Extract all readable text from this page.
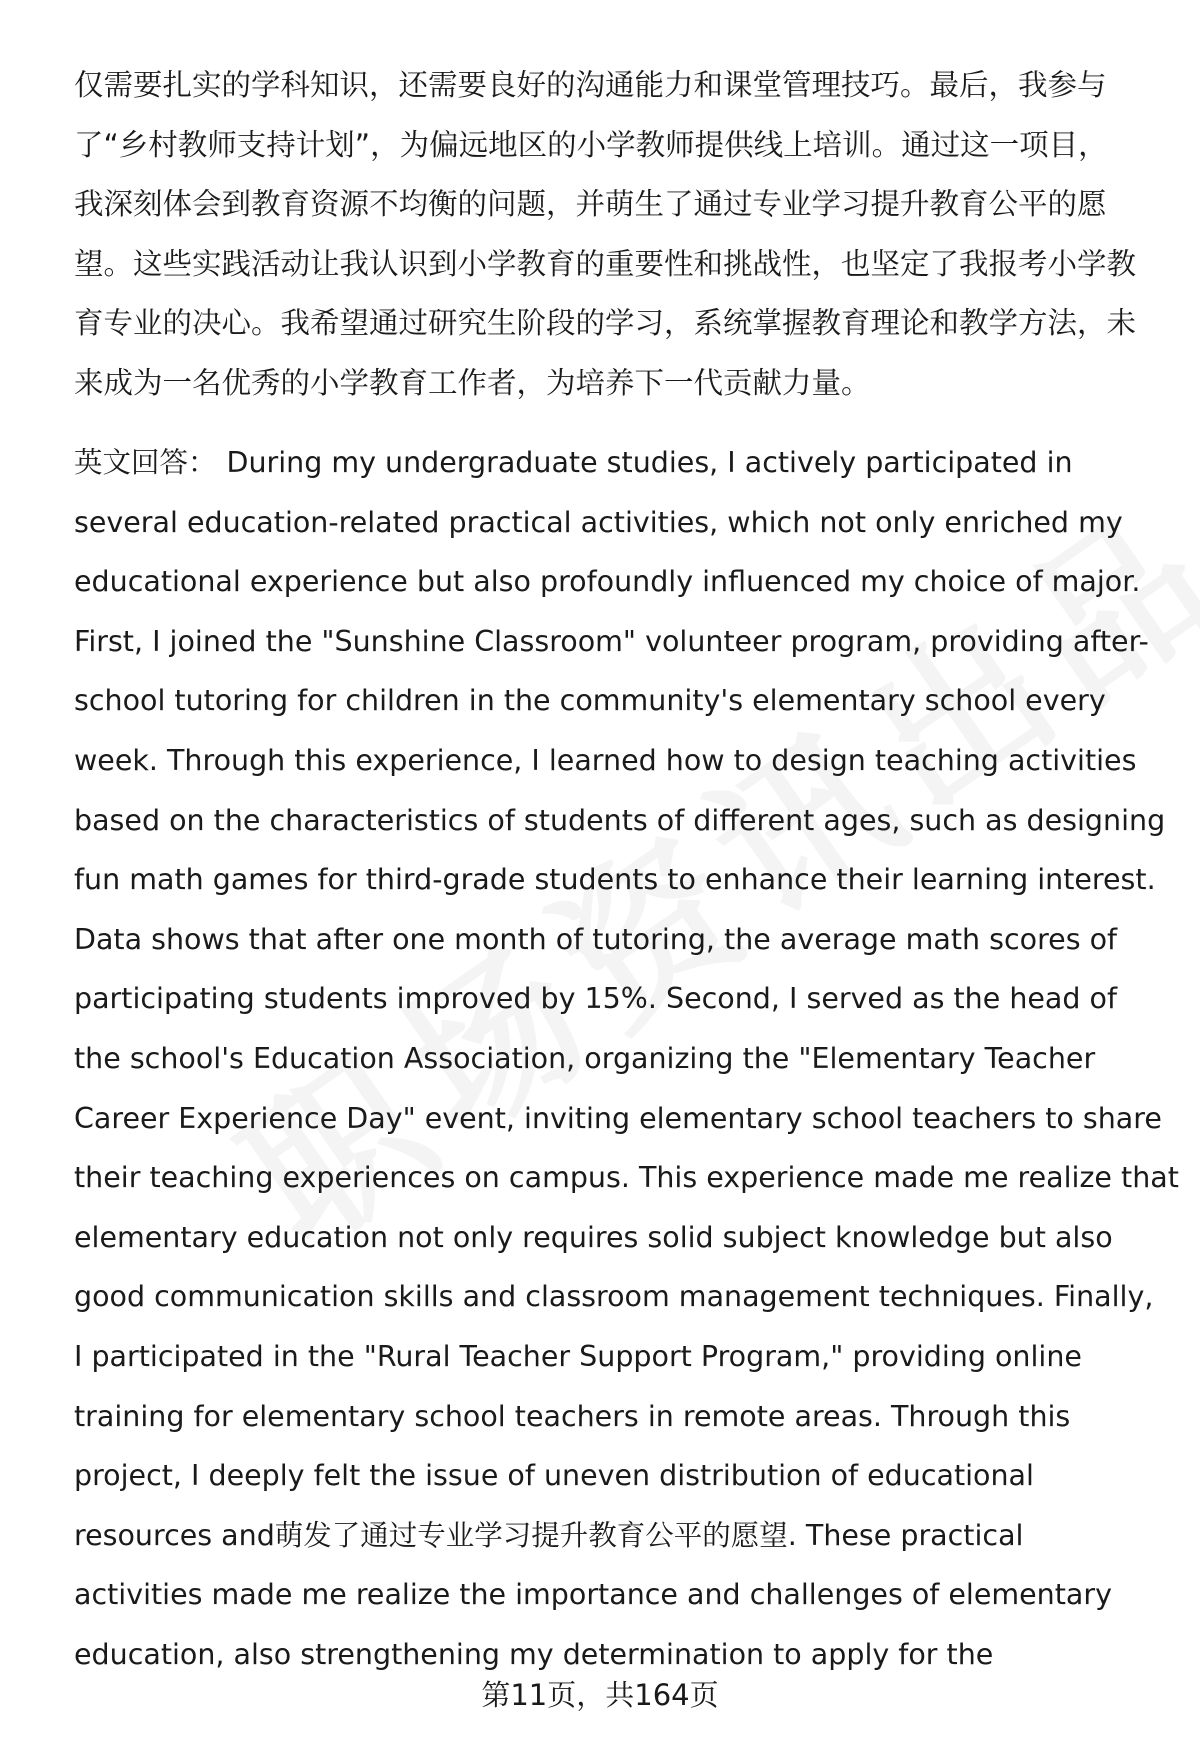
仅需要扎实的学科知识，还需要良好的沟通能力和课堂管理技巧。最后，我参与
了“乡村教师支持计划”，为偏远地区的小学教师提供线上培训。通过这一项目，
我深刻体会到教育资源不均衡的问题，并萌生了通过专业学习提升教育公平的愿
望。这些实践活动让我认识到小学教育的重要性和挑战性，也坚定了我报考小学教
育专业的决心。我希望通过研究生阶段的学习，系统掌握教育理论和教学方法，未
来成为一名优秀的小学教育工作者，为培养下一代贡献力量。

英文回答： During my undergraduate studies, I actively participated in
several education-related practical activities, which not only enriched my
educational experience but also profoundly influenced my choice of major.
First, I joined the "Sunshine Classroom" volunteer program, providing after-
school tutoring for children in the community's elementary school every
week. Through this experience, I learned how to design teaching activities
based on the characteristics of students of different ages, such as designing
fun math games for third-grade students to enhance their learning interest.
Data shows that after one month of tutoring, the average math scores of
participating students improved by 15%. Second, I served as the head of
the school's Education Association, organizing the "Elementary Teacher
Career Experience Day" event, inviting elementary school teachers to share
their teaching experiences on campus. This experience made me realize that
elementary education not only requires solid subject knowledge but also
good communication skills and classroom management techniques. Finally,
I participated in the "Rural Teacher Support Program," providing online
training for elementary school teachers in remote areas. Through this
project, I deeply felt the issue of uneven distribution of educational
resources and萌发了通过专业学习提升教育公平的愿望. These practical
activities made me realize the importance and challenges of elementary
education, also strengthening my determination to apply for the

第11页，共164页
